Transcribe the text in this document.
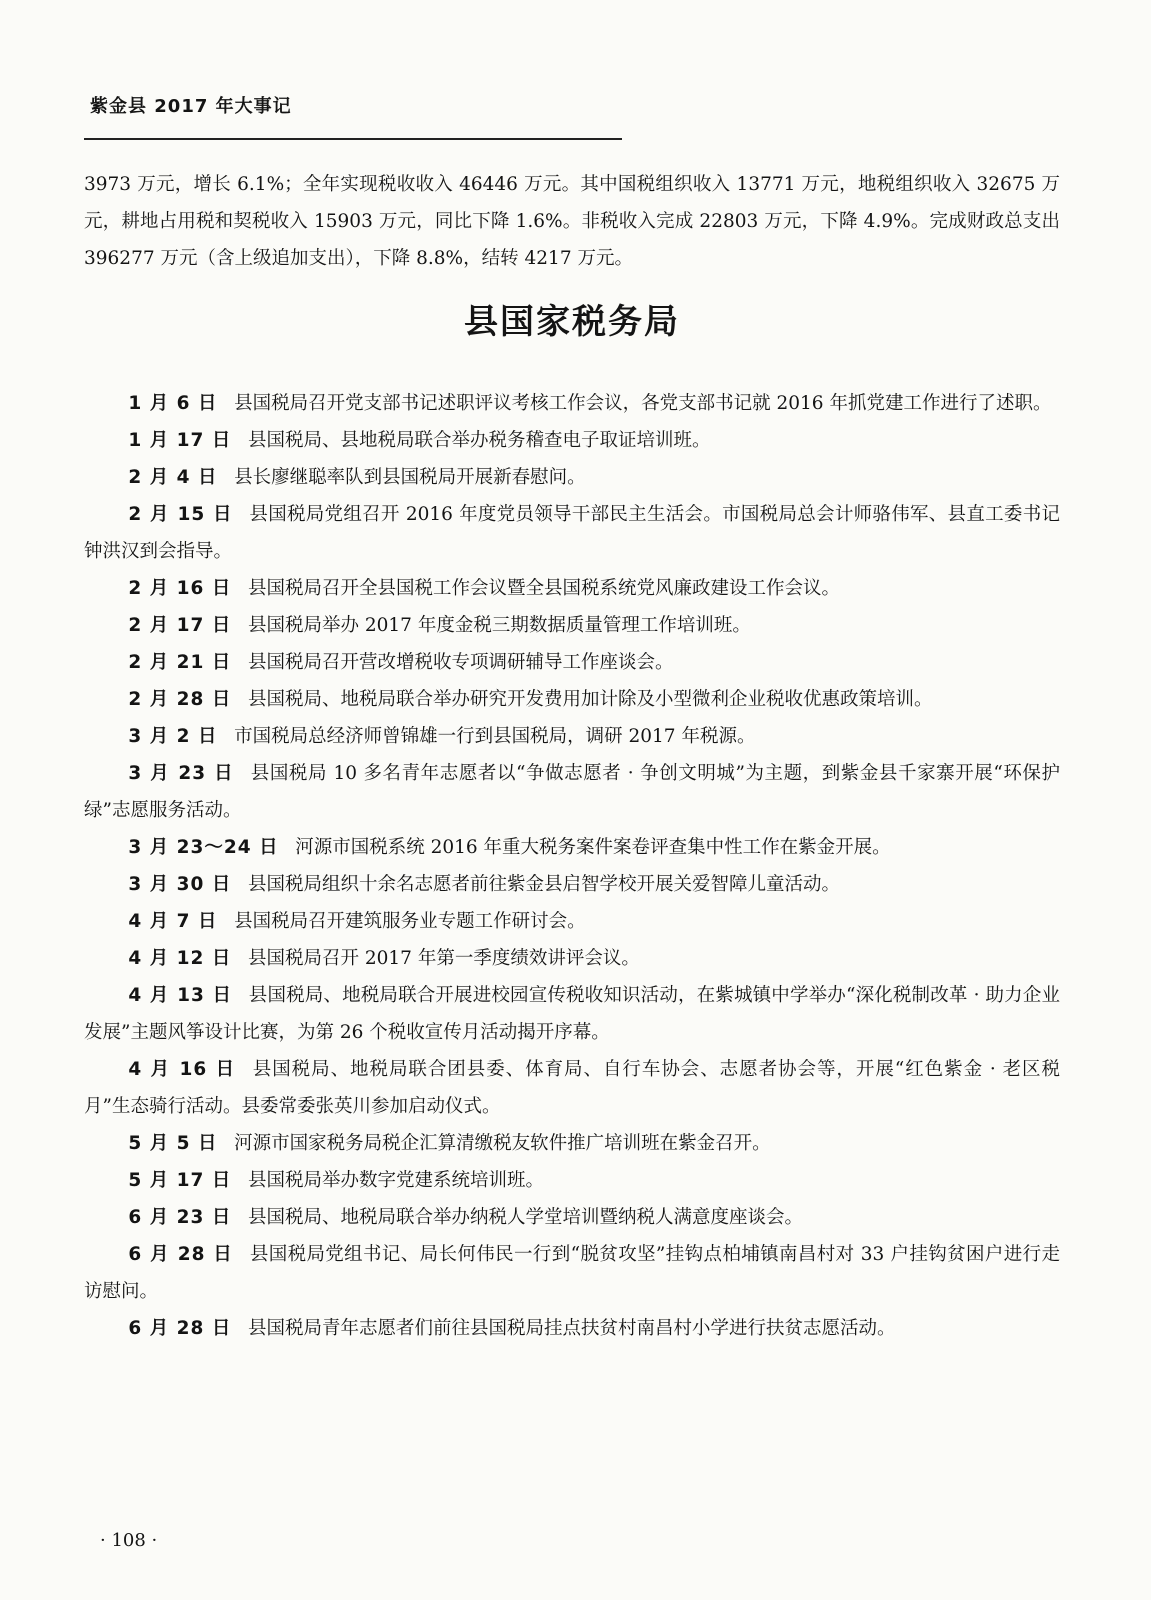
紫金县 2017 年大事记

3973 万元，增长 6.1%；全年实现税收收入 46446 万元。其中国税组织收入 13771 万元，地税组织收入 32675 万元，耕地占用税和契税收入 15903 万元，同比下降 1.6%。非税收入完成 22803 万元，下降 4.9%。完成财政总支出 396277 万元（含上级追加支出），下降 8.8%，结转 4217 万元。

县国家税务局

1 月 6 日 县国税局召开党支部书记述职评议考核工作会议，各党支部书记就 2016 年抓党建工作进行了述职。

1 月 17 日 县国税局、县地税局联合举办税务稽查电子取证培训班。

2 月 4 日 县长廖继聪率队到县国税局开展新春慰问。

2 月 15 日 县国税局党组召开 2016 年度党员领导干部民主生活会。市国税局总会计师骆伟军、县直工委书记钟洪汉到会指导。

2 月 16 日 县国税局召开全县国税工作会议暨全县国税系统党风廉政建设工作会议。

2 月 17 日 县国税局举办 2017 年度金税三期数据质量管理工作培训班。

2 月 21 日 县国税局召开营改增税收专项调研辅导工作座谈会。

2 月 28 日 县国税局、地税局联合举办研究开发费用加计除及小型微利企业税收优惠政策培训。

3 月 2 日 市国税局总经济师曾锦雄一行到县国税局，调研 2017 年税源。

3 月 23 日 县国税局 10 多名青年志愿者以“争做志愿者 · 争创文明城”为主题，到紫金县千家寨开展“环保护绿”志愿服务活动。

3 月 23～24 日 河源市国税系统 2016 年重大税务案件案卷评查集中性工作在紫金开展。

3 月 30 日 县国税局组织十余名志愿者前往紫金县启智学校开展关爱智障儿童活动。

4 月 7 日 县国税局召开建筑服务业专题工作研讨会。

4 月 12 日 县国税局召开 2017 年第一季度绩效讲评会议。

4 月 13 日 县国税局、地税局联合开展进校园宣传税收知识活动，在紫城镇中学举办“深化税制改革 · 助力企业发展”主题风筝设计比赛，为第 26 个税收宣传月活动揭开序幕。

4 月 16 日 县国税局、地税局联合团县委、体育局、自行车协会、志愿者协会等，开展“红色紫金 · 老区税月”生态骑行活动。县委常委张英川参加启动仪式。

5 月 5 日 河源市国家税务局税企汇算清缴税友软件推广培训班在紫金召开。

5 月 17 日 县国税局举办数字党建系统培训班。

6 月 23 日 县国税局、地税局联合举办纳税人学堂培训暨纳税人满意度座谈会。

6 月 28 日 县国税局党组书记、局长何伟民一行到“脱贫攻坚”挂钩点柏埔镇南昌村对 33 户挂钩贫困户进行走访慰问。

6 月 28 日 县国税局青年志愿者们前往县国税局挂点扶贫村南昌村小学进行扶贫志愿活动。

· 108 ·
